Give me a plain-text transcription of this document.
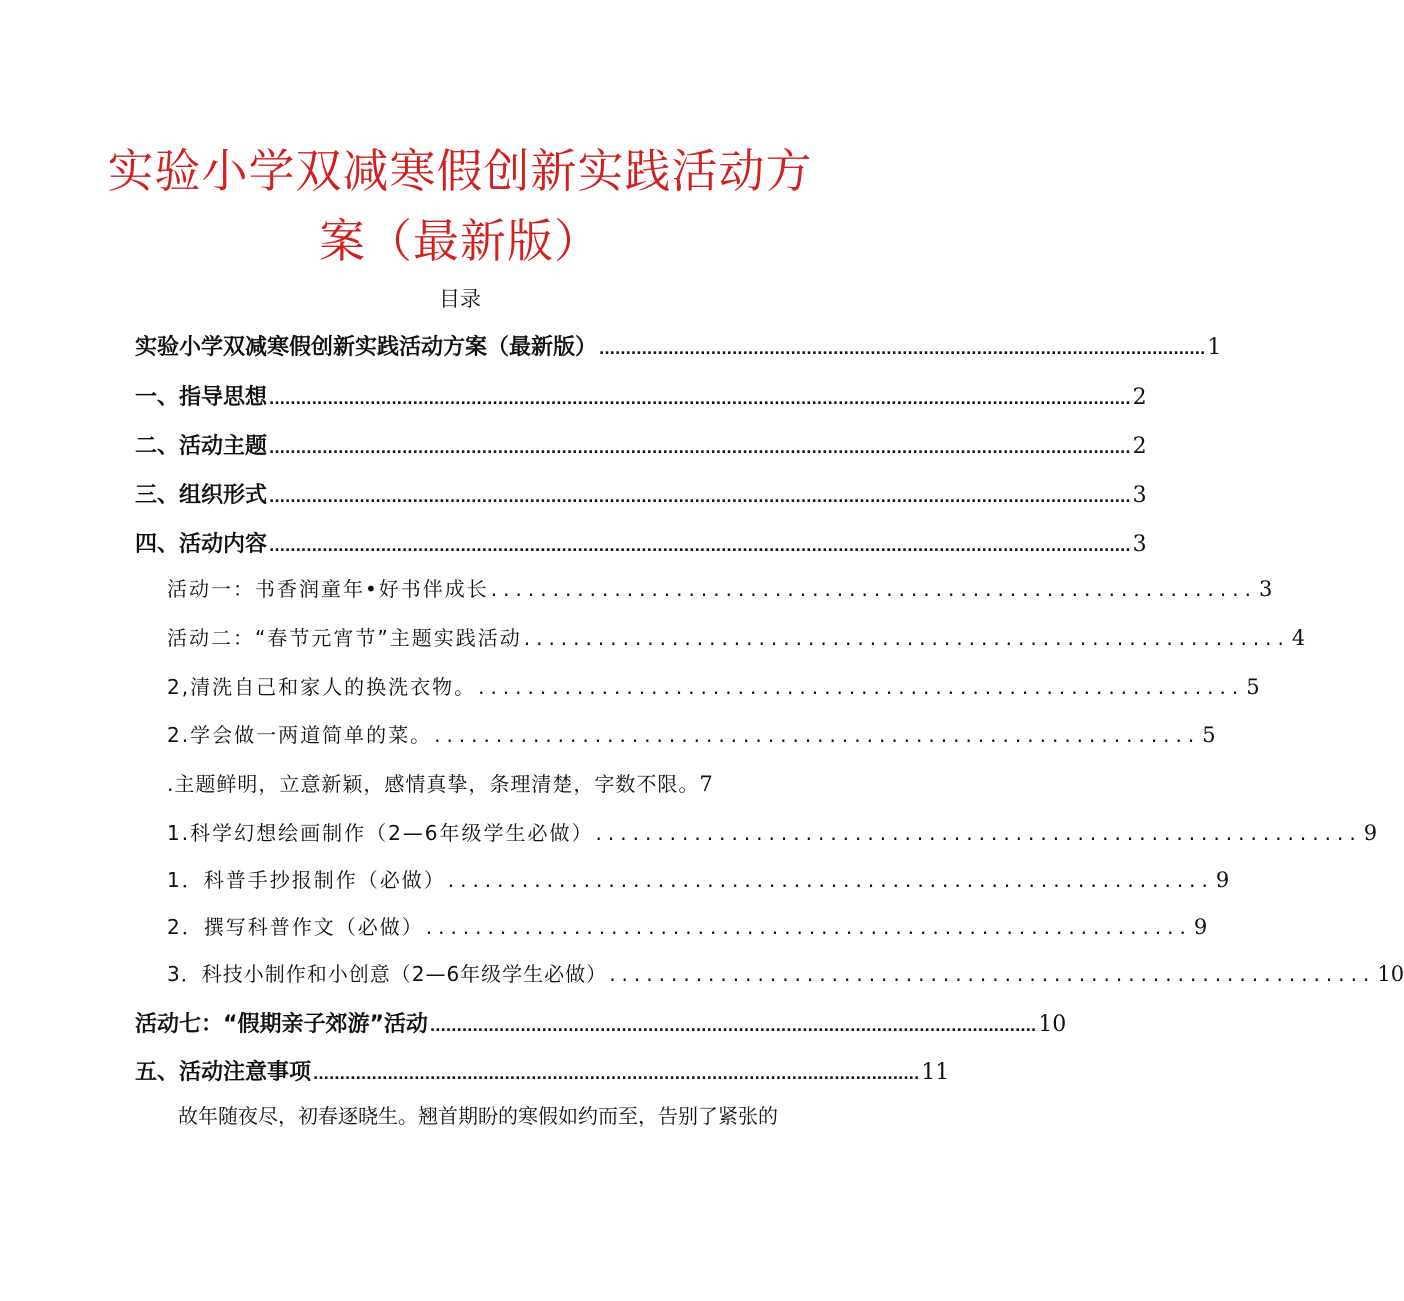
实验小学双减寒假创新实践活动方
案（最新版）
目录
实验小学双减寒假创新实践活动方案（最新版） .................................................................................................................. 1
一、指导思想 .................................................................................................................................................................. 2
二、活动主题 .................................................................................................................................................................. 2
三、组织形式 .................................................................................................................................................................. 3
四、活动内容 .................................................................................................................................................................. 3
活动一：书香润童年•好书伴成长 .............................................................. 3
活动二：“春节元宵节”主题实践活动 .............................................................. 4
2,清洗自己和家人的换洗衣物。 .............................................................. 5
2.学会做一两道简单的菜。 .............................................................. 5
.主题鲜明，立意新颖，感情真挚，条理清楚，字数不限。 7
1.科学幻想绘画制作（2—6年级学生必做） .............................................................. 9
1．科普手抄报制作（必做） .............................................................. 9
2．撰写科普作文（必做） .............................................................. 9
3．科技小制作和小创意（2—6年级学生必做） .............................................................. 10
活动七：“假期亲子郊游”活动 .................................................................................................................. 10
五、活动注意事项 .................................................................................................................. 11
故年随夜尽，初春逐晓生。翘首期盼的寒假如约而至，告别了紧张的
